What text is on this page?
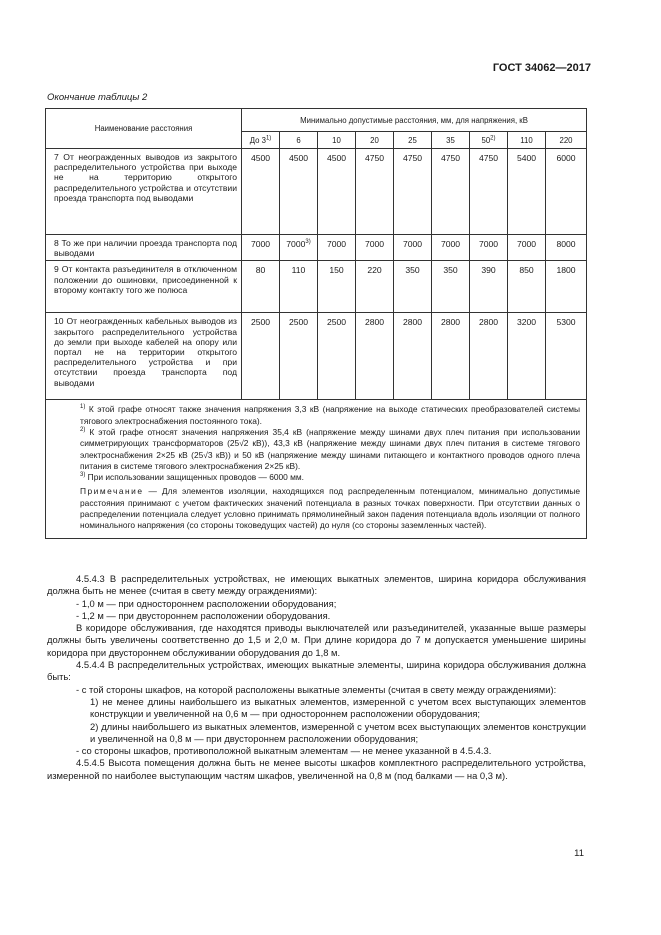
ГОСТ 34062—2017
Окончание таблицы 2
Наименование расстояния	Минимально допустимые расстояния, мм, для напряжения, кВ								
	До 3$^{1)}$	6	10	20	25	35	50$^{2)}$	110	220
7 От неогражденных выводов из закрытого распределительного устройства при выходе не на территорию открытого распределительного устройства и отсутствии проезда транспорта под выводами	4500	4500	4500	4750	4750	4750	4750	5400	6000
8 То же при наличии проезда транспорта под выводами	7000	7000$^{3)}$	7000	7000	7000	7000	7000	7000	8000
9 От контакта разъединителя в отключенном положении до ошиновки, присоединенной к второму контакту того же полюса	80	110	150	220	350	350	390	850	1800
10 От неогражденных кабельных выводов из закрытого распределительного устройства до земли при выходе кабелей на опору или портал не на территории открытого распределительного устройства и при отсутствии проезда транспорта под выводами	2500	2500	2500	2800	2800	2800	2800	3200	5300

$^{1)}$ К этой графе относят также значения напряжения 3,3 кВ (напряжение на выходе статических преобразователей системы тягового электроснабжения постоянного тока).

$^{2)}$ К этой графе относят значения напряжения 35,4 кВ (напряжение между шинами двух плеч питания при использовании симметрирующих трансформаторов (25√2 кВ)), 43,3 кВ (напряжение между шинами двух плеч питания в системе тягового электроснабжения 2×25 кВ (25√3 кВ)) и 50 кВ (напряжение между шинами питающего и контактного проводов одного плеча питания в системе тягового электроснабжения 2×25 кВ).

$^{3)}$ При использовании защищенных проводов — 6000 мм.

Примечание — Для элементов изоляции, находящихся под распределенным потенциалом, минимально допустимые расстояния принимают с учетом фактических значений потенциала в разных точках поверхности. При отсутствии данных о распределении потенциала следует условно принимать прямолинейный закон падения потенциала вдоль изоляции от полного номинального напряжения (со стороны токоведущих частей) до нуля (со стороны заземленных частей).									

4.5.4.3 В распределительных устройствах, не имеющих выкатных элементов, ширина коридора обслуживания должна быть не менее (считая в свету между ограждениями):

- 1,0 м — при одностороннем расположении оборудования;

- 1,2 м — при двустороннем расположении оборудования.

В коридоре обслуживания, где находятся приводы выключателей или разъединителей, указанные выше размеры должны быть увеличены соответственно до 1,5 и 2,0 м. При длине коридора до 7 м допускается уменьшение ширины коридора при двустороннем обслуживании оборудования до 1,8 м.

4.5.4.4 В распределительных устройствах, имеющих выкатные элементы, ширина коридора обслуживания должна быть:

- с той стороны шкафов, на которой расположены выкатные элементы (считая в свету между ограждениями):

1) не менее длины наибольшего из выкатных элементов, измеренной с учетом всех выступающих элементов конструкции и увеличенной на 0,6 м — при одностороннем расположении оборудования;

2) длины наибольшего из выкатных элементов, измеренной с учетом всех выступающих элементов конструкции и увеличенной на 0,8 м — при двустороннем расположении оборудования;

- со стороны шкафов, противоположной выкатным элементам — не менее указанной в 4.5.4.3.

4.5.4.5 Высота помещения должна быть не менее высоты шкафов комплектного распределительного устройства, измеренной по наиболее выступающим частям шкафов, увеличенной на 0,8 м (под балками — на 0,3 м).

11
